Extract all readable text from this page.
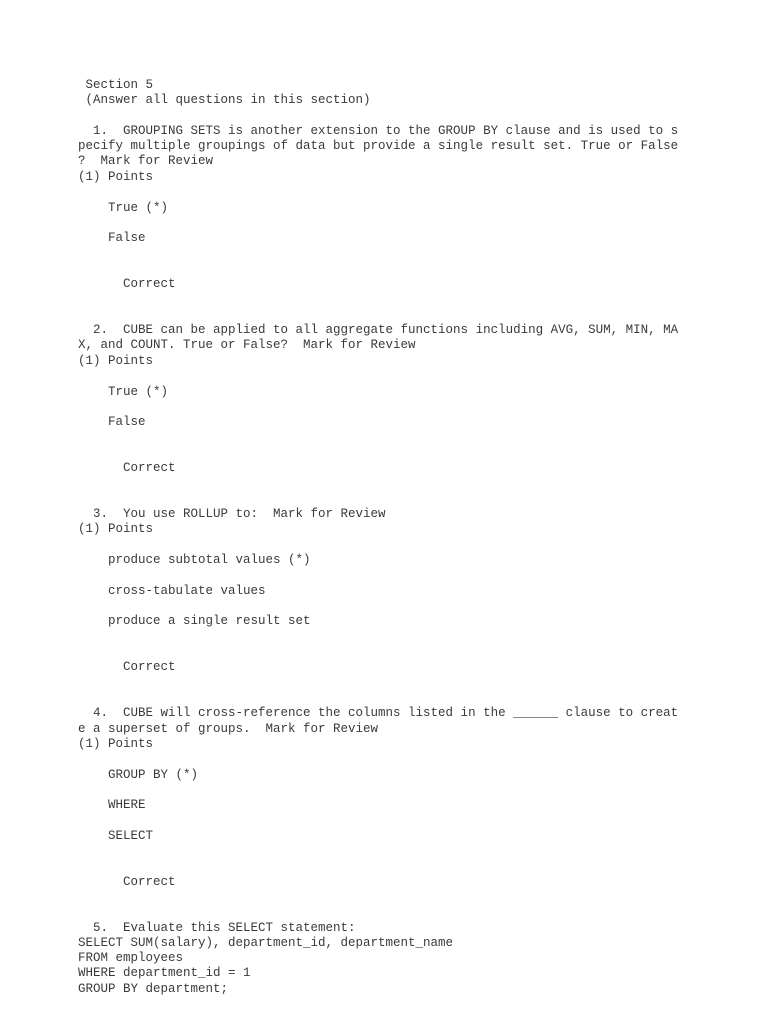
Section 5
(Answer all questions in this section)
1.  GROUPING SETS is another extension to the GROUP BY clause and is used to s
pecify multiple groupings of data but provide a single result set. True or False
?  Mark for Review
(1) Points
True (*)
False
Correct
2.  CUBE can be applied to all aggregate functions including AVG, SUM, MIN, MA
X, and COUNT. True or False?  Mark for Review
(1) Points
True (*)
False
Correct
3.  You use ROLLUP to:  Mark for Review
(1) Points
produce subtotal values (*)
cross-tabulate values
produce a single result set
Correct
4.  CUBE will cross-reference the columns listed in the ______ clause to creat
e a superset of groups.  Mark for Review
(1) Points
GROUP BY (*)
WHERE
SELECT
Correct
5.  Evaluate this SELECT statement:
SELECT SUM(salary), department_id, department_name
FROM employees
WHERE department_id = 1
GROUP BY department;
